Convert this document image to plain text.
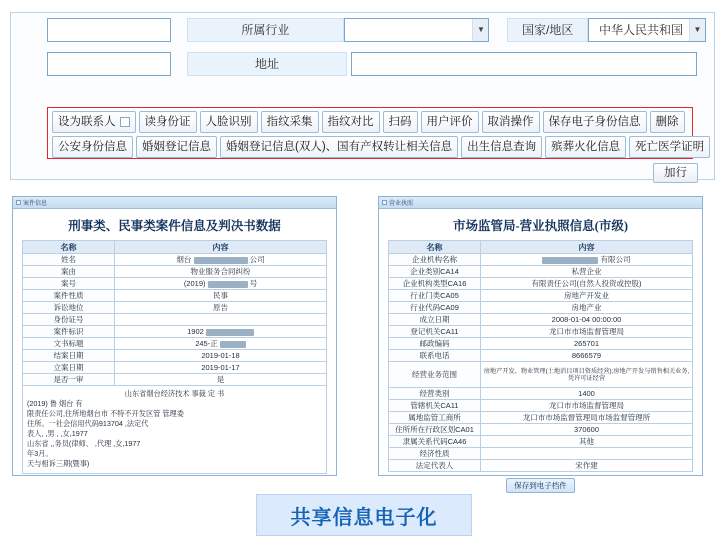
所属行业	▼	国家/地区	中华人民共和国	▼
地址
设为联系人	读身份证	人脸识别	指纹采集	指纹对比	扫码	用户评价	取消操作	保存电子身份信息	删除
公安身份信息	婚姻登记信息	婚姻登记信息(双人)、国有产权转让相关信息	出生信息查询	殡葬火化信息	死亡医学证明
加行
案件信息
刑事类、民事类案件信息及判决书数据
名称	内容
姓名	烟台 公司
案由	物业服务合同纠纷
案号	(2019) 号
案件性质	民事
诉讼地位	原告
身份证号	
案件标识	1902
文书标题	245-正
结案日期	2019-01-18
立案日期	2019-01-17
是否一审	是
山东省烟台经济技术 事裁 定 书
(2019) 鲁 烟台 有
限责任公司,住所地烟台市 不特不开发区管 管理委
住所。一社会信用代码913704 ,法定代
表人, ,男 , ,女,1977
山东省 ,,务员(律师、 ,代理 ,女,1977
年3月。
天与相诉三期(暨事)
营业执照
市场监管局-营业执照信息(市级)
名称	内容
企业机构名称	有限公司
企业类别CA14	私营企业
企业机构类型CA16	有限责任公司(自然人投资或控股)
行业门类CA05	房地产开发业
行业代码CA09	房地产业
成立日期	2008-01-04 00:00:00
登记机关CA11	龙口市市场监督管理局
邮政编码	265701
联系电话	8666579
经营业务范围	房地产开发、物业管理(土地消目项目资质经营);房地产开发与销售相关业务,凭许可证经营
经营类别	1400
管辖机关CA11	龙口市市场监督管理局
属地监管工商所	龙口市市场监督管理局市场监督管理所
住所所在行政区划CA01	370600
隶属关系代码CA46	其他
经济性质	
法定代表人	宋作建
保存到电子档件
共享信息电子化
